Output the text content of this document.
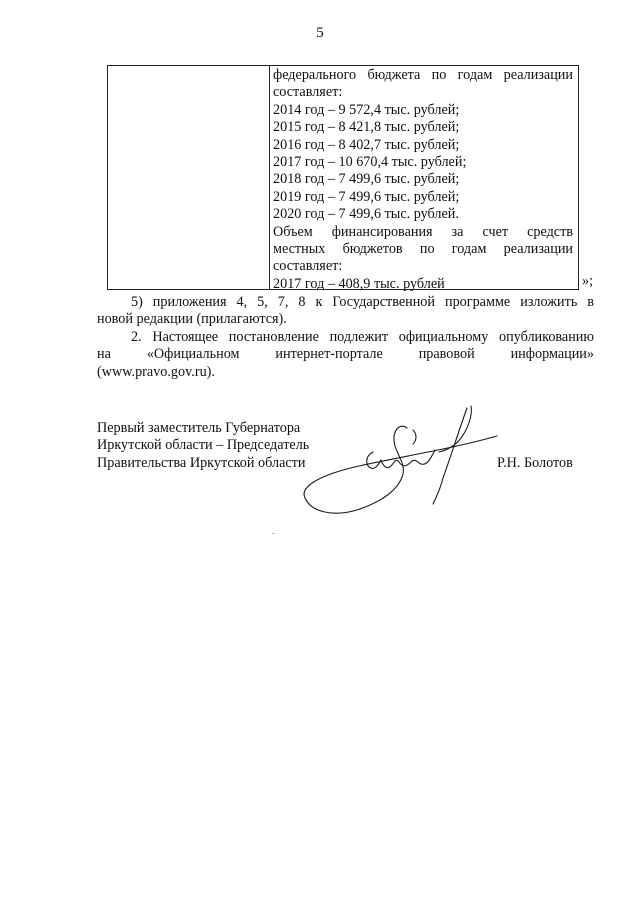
5
федерального бюджета по годам реализации
составляет:
2014 год – 9 572,4 тыс. рублей;
2015 год – 8 421,8 тыс. рублей;
2016 год – 8 402,7 тыс. рублей;
2017 год – 10 670,4 тыс. рублей;
2018 год – 7 499,6 тыс. рублей;
2019 год – 7 499,6 тыс. рублей;
2020 год – 7 499,6 тыс. рублей.
Объем финансирования за счет средств
местных бюджетов по годам реализации
составляет:
2017 год – 408,9 тыс. рублей	»;
5) приложения 4, 5, 7, 8 к Государственной программе изложить в
новой редакции (прилагаются).
2. Настоящее постановление подлежит официальному опубликованию
на «Официальном интернет-портале правовой информации»
(www.pravo.gov.ru).
Первый заместитель Губернатора
Иркутской области – Председатель
Правительства Иркутской области	Р.Н. Болотов
